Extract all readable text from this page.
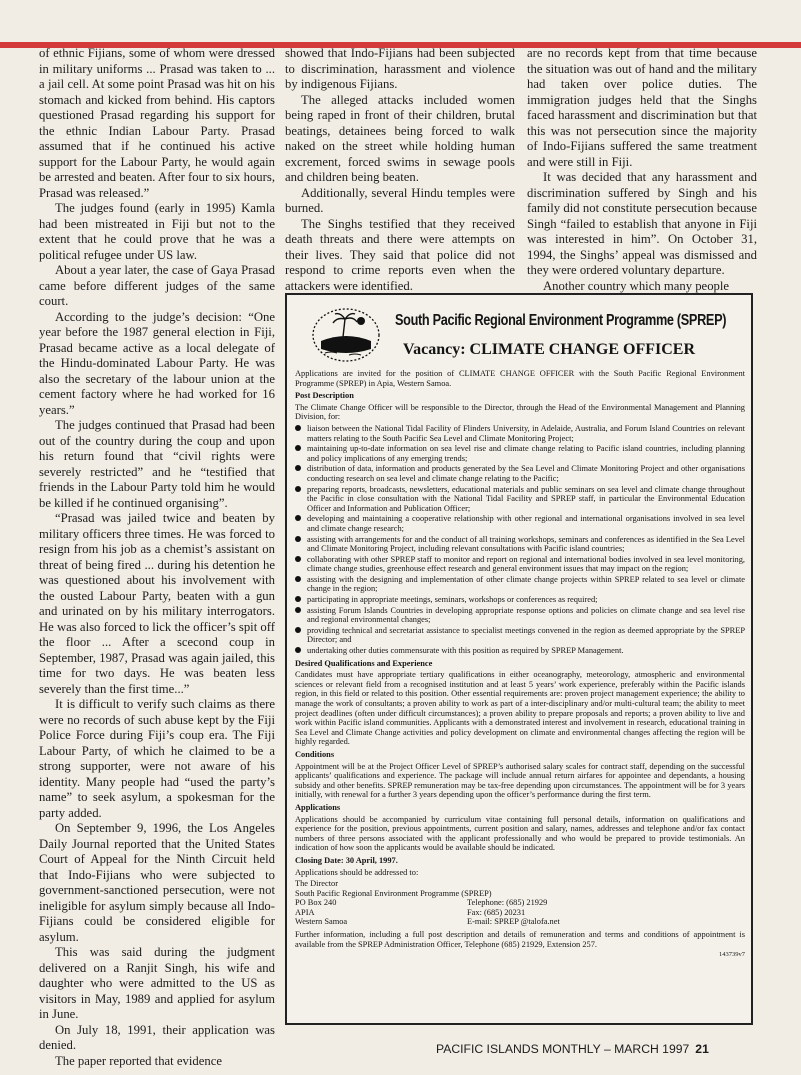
of ethnic Fijians, some of whom were dressed in military uniforms ... Prasad was taken to ... a jail cell. At some point Prasad was hit on his stomach and kicked from behind. His captors questioned Prasad regarding his support for the ethnic Indian Labour Party. Prasad assumed that if he continued his active support for the Labour Party, he would again be arrested and beaten. After four to six hours, Prasad was released.”

The judges found (early in 1995) Kamla had been mistreated in Fiji but not to the extent that he could prove that he was a political refugee under US law.

About a year later, the case of Gaya Prasad came before different judges of the same court.

According to the judge’s decision: “One year before the 1987 general election in Fiji, Prasad became active as a local delegate of the Hindu-dominated Labour Party. He was also the secretary of the labour union at the cement factory where he had worked for 16 years.”

The judges continued that Prasad had been out of the country during the coup and upon his return found that “civil rights were severely restricted” and he “testified that friends in the Labour Party told him he would be killed if he continued organising”.

“Prasad was jailed twice and beaten by military officers three times. He was forced to resign from his job as a chemist’s assistant on threat of being fired ... during his detention he was questioned about his involvement with the ousted Labour Party, beaten with a gun and urinated on by his military interrogators. He was also forced to lick the officer’s spit off the floor ... After a scecond coup in September, 1987, Prasad was again jailed, this time for two days. He was beaten less severely than the first time...”

It is difficult to verify such claims as there were no records of such abuse kept by the Fiji Police Force during Fiji’s coup era. The Fiji Labour Party, of which he claimed to be a strong supporter, were not aware of his identity. Many people had “used the party’s name” to seek asylum, a spokesman for the party added.

On September 9, 1996, the Los Angeles Daily Journal reported that the United States Court of Appeal for the Ninth Circuit held that Indo-Fijians who were subjected to government-sanctioned persecution, were not ineligible for asylum simply because all Indo-Fijians could be considered eligible for asylum.

This was said during the judgment delivered on a Ranjit Singh, his wife and daughter who were admitted to the US as visitors in May, 1989 and applied for asylum in June.

On July 18, 1991, their application was denied.

The paper reported that evidence

showed that Indo-Fijians had been subjected to discrimination, harassment and violence by indigenous Fijians.

The alleged attacks included women being raped in front of their children, brutal beatings, detainees being forced to walk naked on the street while holding human excrement, forced swims in sewage pools and children being beaten.

Additionally, several Hindu temples were burned.

The Singhs testified that they received death threats and there were attempts on their lives. They said that police did not respond to crime reports even when the attackers were identified.

are no records kept from that time because the situation was out of hand and the military had taken over police duties. The immigration judges held that the Singhs faced harassment and discrimination but that this was not persecution since the majority of Indo-Fijians suffered the same treatment and were still in Fiji.

It was decided that any harassment and discrimination suffered by Singh and his family did not constitute persecution because Singh “failed to establish that anyone in Fiji was interested in him”. On October 31, 1994, the Singhs’ appeal was dismissed and they were ordered voluntary departure.

Another country which many people

South Pacific Regional Environment Programme (SPREP)
Vacancy: CLIMATE CHANGE OFFICER

Applications are invited for the position of CLIMATE CHANGE OFFICER with the South Pacific Regional Environment Programme (SPREP) in Apia, Western Samoa.

Post Description

The Climate Change Officer will be responsible to the Director, through the Head of the Environmental Management and Planning Division, for:

liaison between the National Tidal Facility of Flinders University, in Adelaide, Australia, and Forum Island Countries on relevant matters relating to the South Pacific Sea Level and Climate Monitoring Project;
maintaining up-to-date information on sea level rise and climate change relating to Pacific island countries, including planning and policy implications of any emerging trends;
distribution of data, information and products generated by the Sea Level and Climate Monitoring Project and other organisations conducting research on sea level and climate change relating to the Pacific;
preparing reports, broadcasts, newsletters, educational materials and public seminars on sea level and climate change throughout the Pacific in close consultation with the National Tidal Facility and SPREP staff, in particular the Environmental Education Officer and Information and Publication Officer;
developing and maintaining a cooperative relationship with other regional and international organisations involved in sea level and climate change research;
assisting with arrangements for and the conduct of all training workshops, seminars and conferences as identified in the Sea Level and Climate Monitoring Project, including relevant consultations with Pacific island countries;
collaborating with other SPREP staff to monitor and report on regional and international bodies involved in sea level monitoring, climate change studies, greenhouse effect research and general environment issues that may impact on the region;
assisting with the designing and implementation of other climate change projects within SPREP related to sea level or climate change in the region;
participating in appropriate meetings, seminars, workshops or conferences as required;
assisting Forum Islands Countries in developing appropriate response options and policies on climate change and sea level rise and regional environmental changes;
providing technical and secretariat assistance to specialist meetings convened in the region as deemed appropriate by the SPREP Director; and
undertaking other duties commensurate with this position as required by SPREP Management.
Desired Qualifications and Experience

Candidates must have appropriate tertiary qualifications in either oceanography, meteorology, atmospheric and environmental sciences or relevant field from a recognised institution and at least 5 years’ work experience, preferably within the Pacific islands region, in this field or related to this position. Other essential requirements are: proven project management experience; the ability to manage the work of consultants; a proven ability to work as part of a inter-disciplinary and/or multi-cultural team; the ability to meet project deadlines (often under difficult circumstances); a proven ability to prepare proposals and reports; a proven ability to live and work within Pacific island communities. Applicants with a demonstrated interest and involvement in research, educational training in Sea Level and Climate Change activities and policy development on climate and environmental changes affecting the region will be highly regarded.

Conditions

Appointment will be at the Project Officer Level of SPREP’s authorised salary scales for contract staff, depending on the successful applicants’ qualifications and experience. The package will include annual return airfares for appointee and dependants, a housing subsidy and other benefits. SPREP remuneration may be tax-free depending upon circumstances. The appointment will be for 3 years initially, with renewal for a further 3 years depending upon the officer’s performance during the first term.

Applications

Applications should be accompanied by curriculum vitae containing full personal details, information on qualifications and experience for the position, previous appointments, current position and salary, names, addresses and telephone and/or fax contact numbers of three persons associated with the applicant professionally and who would be prepared to provide testimonials. An indication of how soon the applicants would be available should be indicated.

Closing Date: 30 April, 1997.

Applications should be addressed to:

The Director
South Pacific Regional Environment Programme (SPREP)
PO Box 240
APIA
Western Samoa

Telephone: (685) 21929
Fax: (685) 20231
E-mail: SPREP @talofa.net

Further information, including a full post description and details of remuneration and terms and conditions of appointment is available from the SPREP Administration Officer, Telephone (685) 21929, Extension 257.

143739v7
PACIFIC ISLANDS MONTHLY – MARCH 1997 21
